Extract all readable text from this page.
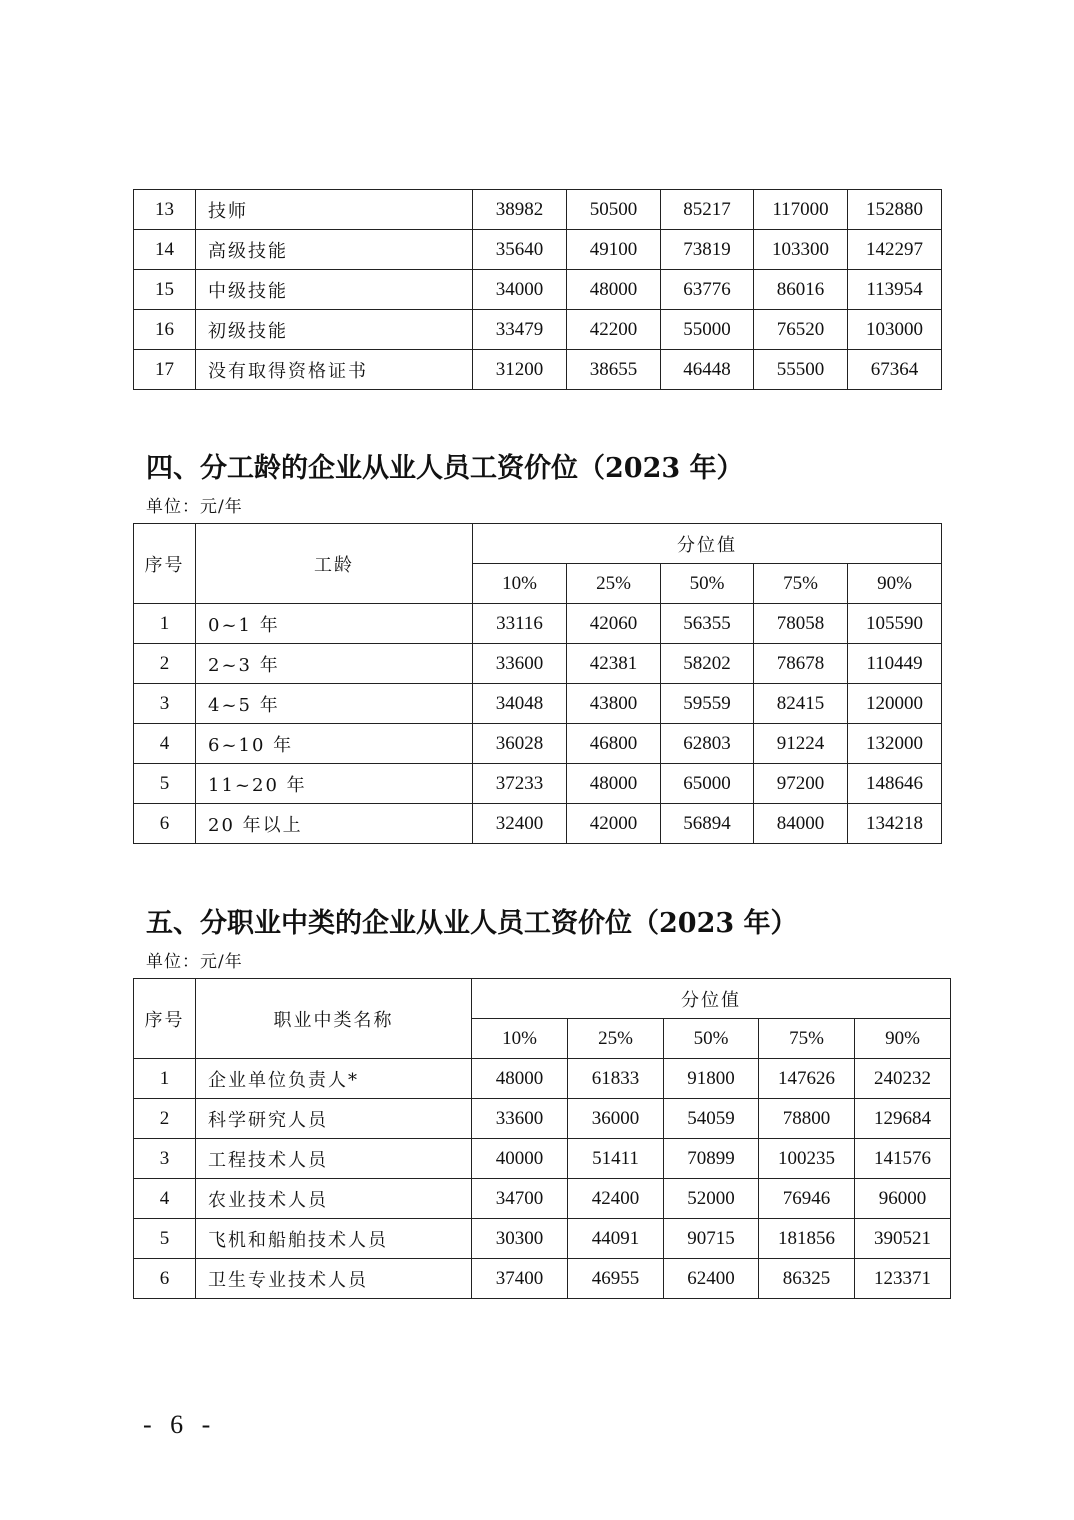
13	技师	38982	50500	85217	117000	152880
14	高级技能	35640	49100	73819	103300	142297
15	中级技能	34000	48000	63776	86016	113954
16	初级技能	33479	42200	55000	76520	103000
17	没有取得资格证书	31200	38655	46448	55500	67364
四、分工龄的企业从业人员工资价位（2023 年）
单位：元/年
序号	工龄	分位值				
		10%	25%	50%	75%	90%
1	0~1 年	33116	42060	56355	78058	105590
2	2~3 年	33600	42381	58202	78678	110449
3	4~5 年	34048	43800	59559	82415	120000
4	6~10 年	36028	46800	62803	91224	132000
5	11~20 年	37233	48000	65000	97200	148646
6	20 年以上	32400	42000	56894	84000	134218
五、分职业中类的企业从业人员工资价位（2023 年）
单位：元/年
序号	职业中类名称	分位值				
		10%	25%	50%	75%	90%
1	企业单位负责人*	48000	61833	91800	147626	240232
2	科学研究人员	33600	36000	54059	78800	129684
3	工程技术人员	40000	51411	70899	100235	141576
4	农业技术人员	34700	42400	52000	76946	96000
5	飞机和船舶技术人员	30300	44091	90715	181856	390521
6	卫生专业技术人员	37400	46955	62400	86325	123371
- 6 -
